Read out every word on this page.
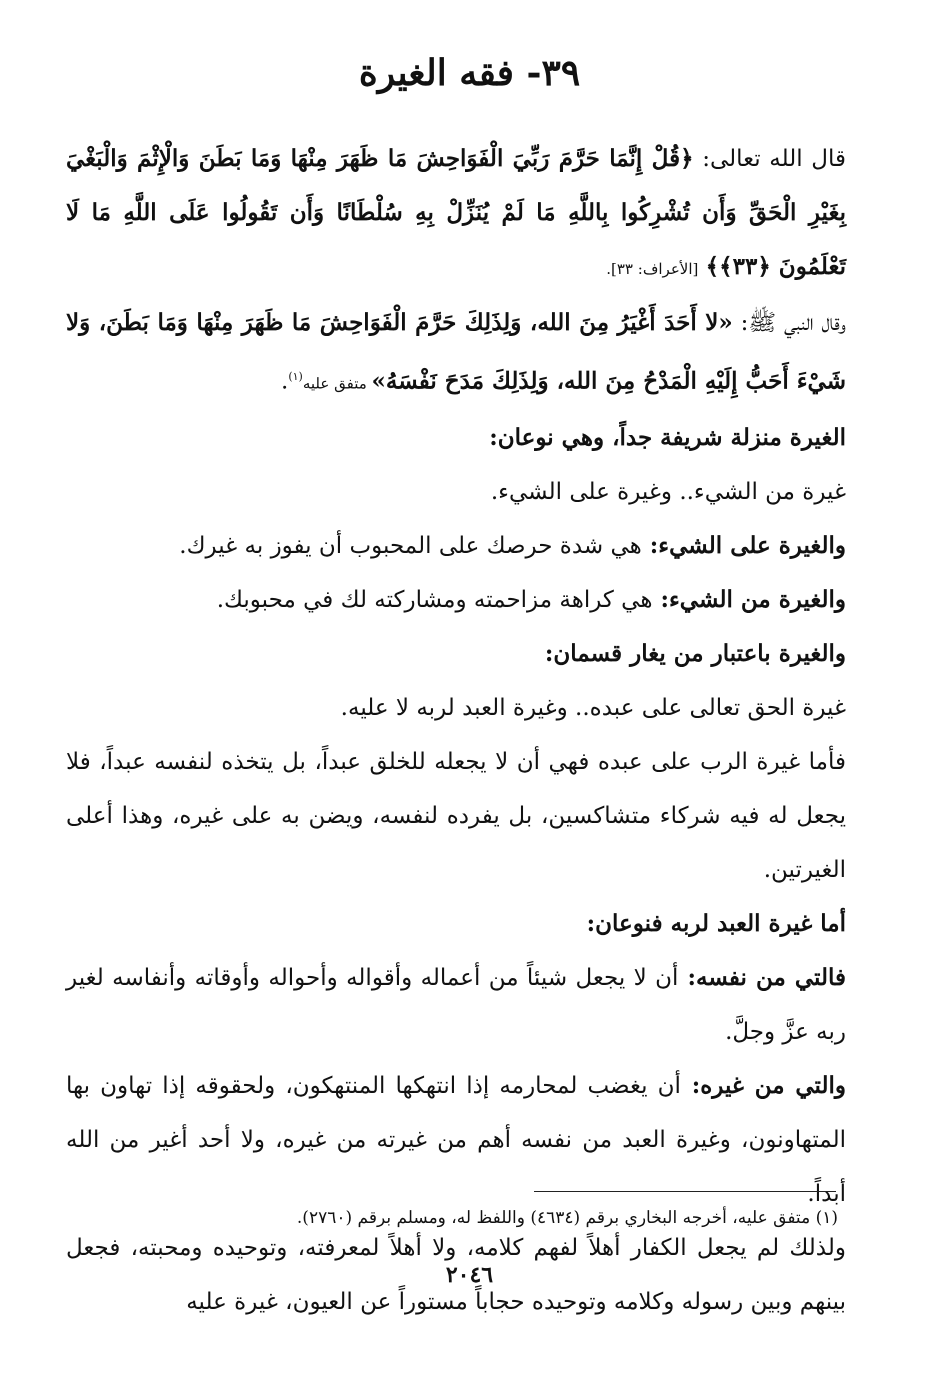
٣٩- فقه الغيرة

قال الله تعالى: ﴿قُلْ إِنَّمَا حَرَّمَ رَبِّيَ الْفَوَاحِشَ مَا ظَهَرَ مِنْهَا وَمَا بَطَنَ وَالْإِثْمَ وَالْبَغْيَ بِغَيْرِ الْحَقِّ وَأَن تُشْرِكُوا بِاللَّهِ مَا لَمْ يُنَزِّلْ بِهِ سُلْطَانًا وَأَن تَقُولُوا عَلَى اللَّهِ مَا لَا تَعْلَمُونَ ﴿٣٣﴾﴾ [الأعراف: ٣٣].

وقال النبي ﷺ: «لا أَحَدَ أَغْيَرُ مِنَ الله، وَلِذَلِكَ حَرَّمَ الْفَوَاحِشَ مَا ظَهَرَ مِنْهَا وَمَا بَطَنَ، وَلا شَيْءَ أَحَبُّ إِلَيْهِ الْمَدْحُ مِنَ الله، وَلِذَلِكَ مَدَحَ نَفْسَهُ» متفق عليه$^{(١)}$.

الغيرة منزلة شريفة جداً، وهي نوعان:

غيرة من الشيء.. وغيرة على الشيء.

والغيرة على الشيء: هي شدة حرصك على المحبوب أن يفوز به غيرك.

والغيرة من الشيء: هي كراهة مزاحمته ومشاركته لك في محبوبك.

والغيرة باعتبار من يغار قسمان:

غيرة الحق تعالى على عبده.. وغيرة العبد لربه لا عليه.

فأما غيرة الرب على عبده فهي أن لا يجعله للخلق عبداً، بل يتخذه لنفسه عبداً، فلا يجعل له فيه شركاء متشاكسين، بل يفرده لنفسه، ويضن به على غيره، وهذا أعلى الغيرتين.

أما غيرة العبد لربه فنوعان:

فالتي من نفسه: أن لا يجعل شيئاً من أعماله وأقواله وأحواله وأوقاته وأنفاسه لغير ربه عزَّ وجلَّ.

والتي من غيره: أن يغضب لمحارمه إذا انتهكها المنتهكون، ولحقوقه إذا تهاون بها المتهاونون، وغيرة العبد من نفسه أهم من غيرته من غيره، ولا أحد أغير من الله أبداً.

ولذلك لم يجعل الكفار أهلاً لفهم كلامه، ولا أهلاً لمعرفته، وتوحيده ومحبته، فجعل بينهم وبين رسوله وكلامه وتوحيده حجاباً مستوراً عن العيون، غيرة عليه

(١) متفق عليه، أخرجه البخاري برقم (٤٦٣٤) واللفظ له، ومسلم برقم (٢٧٦٠).
٢٠٤٦
